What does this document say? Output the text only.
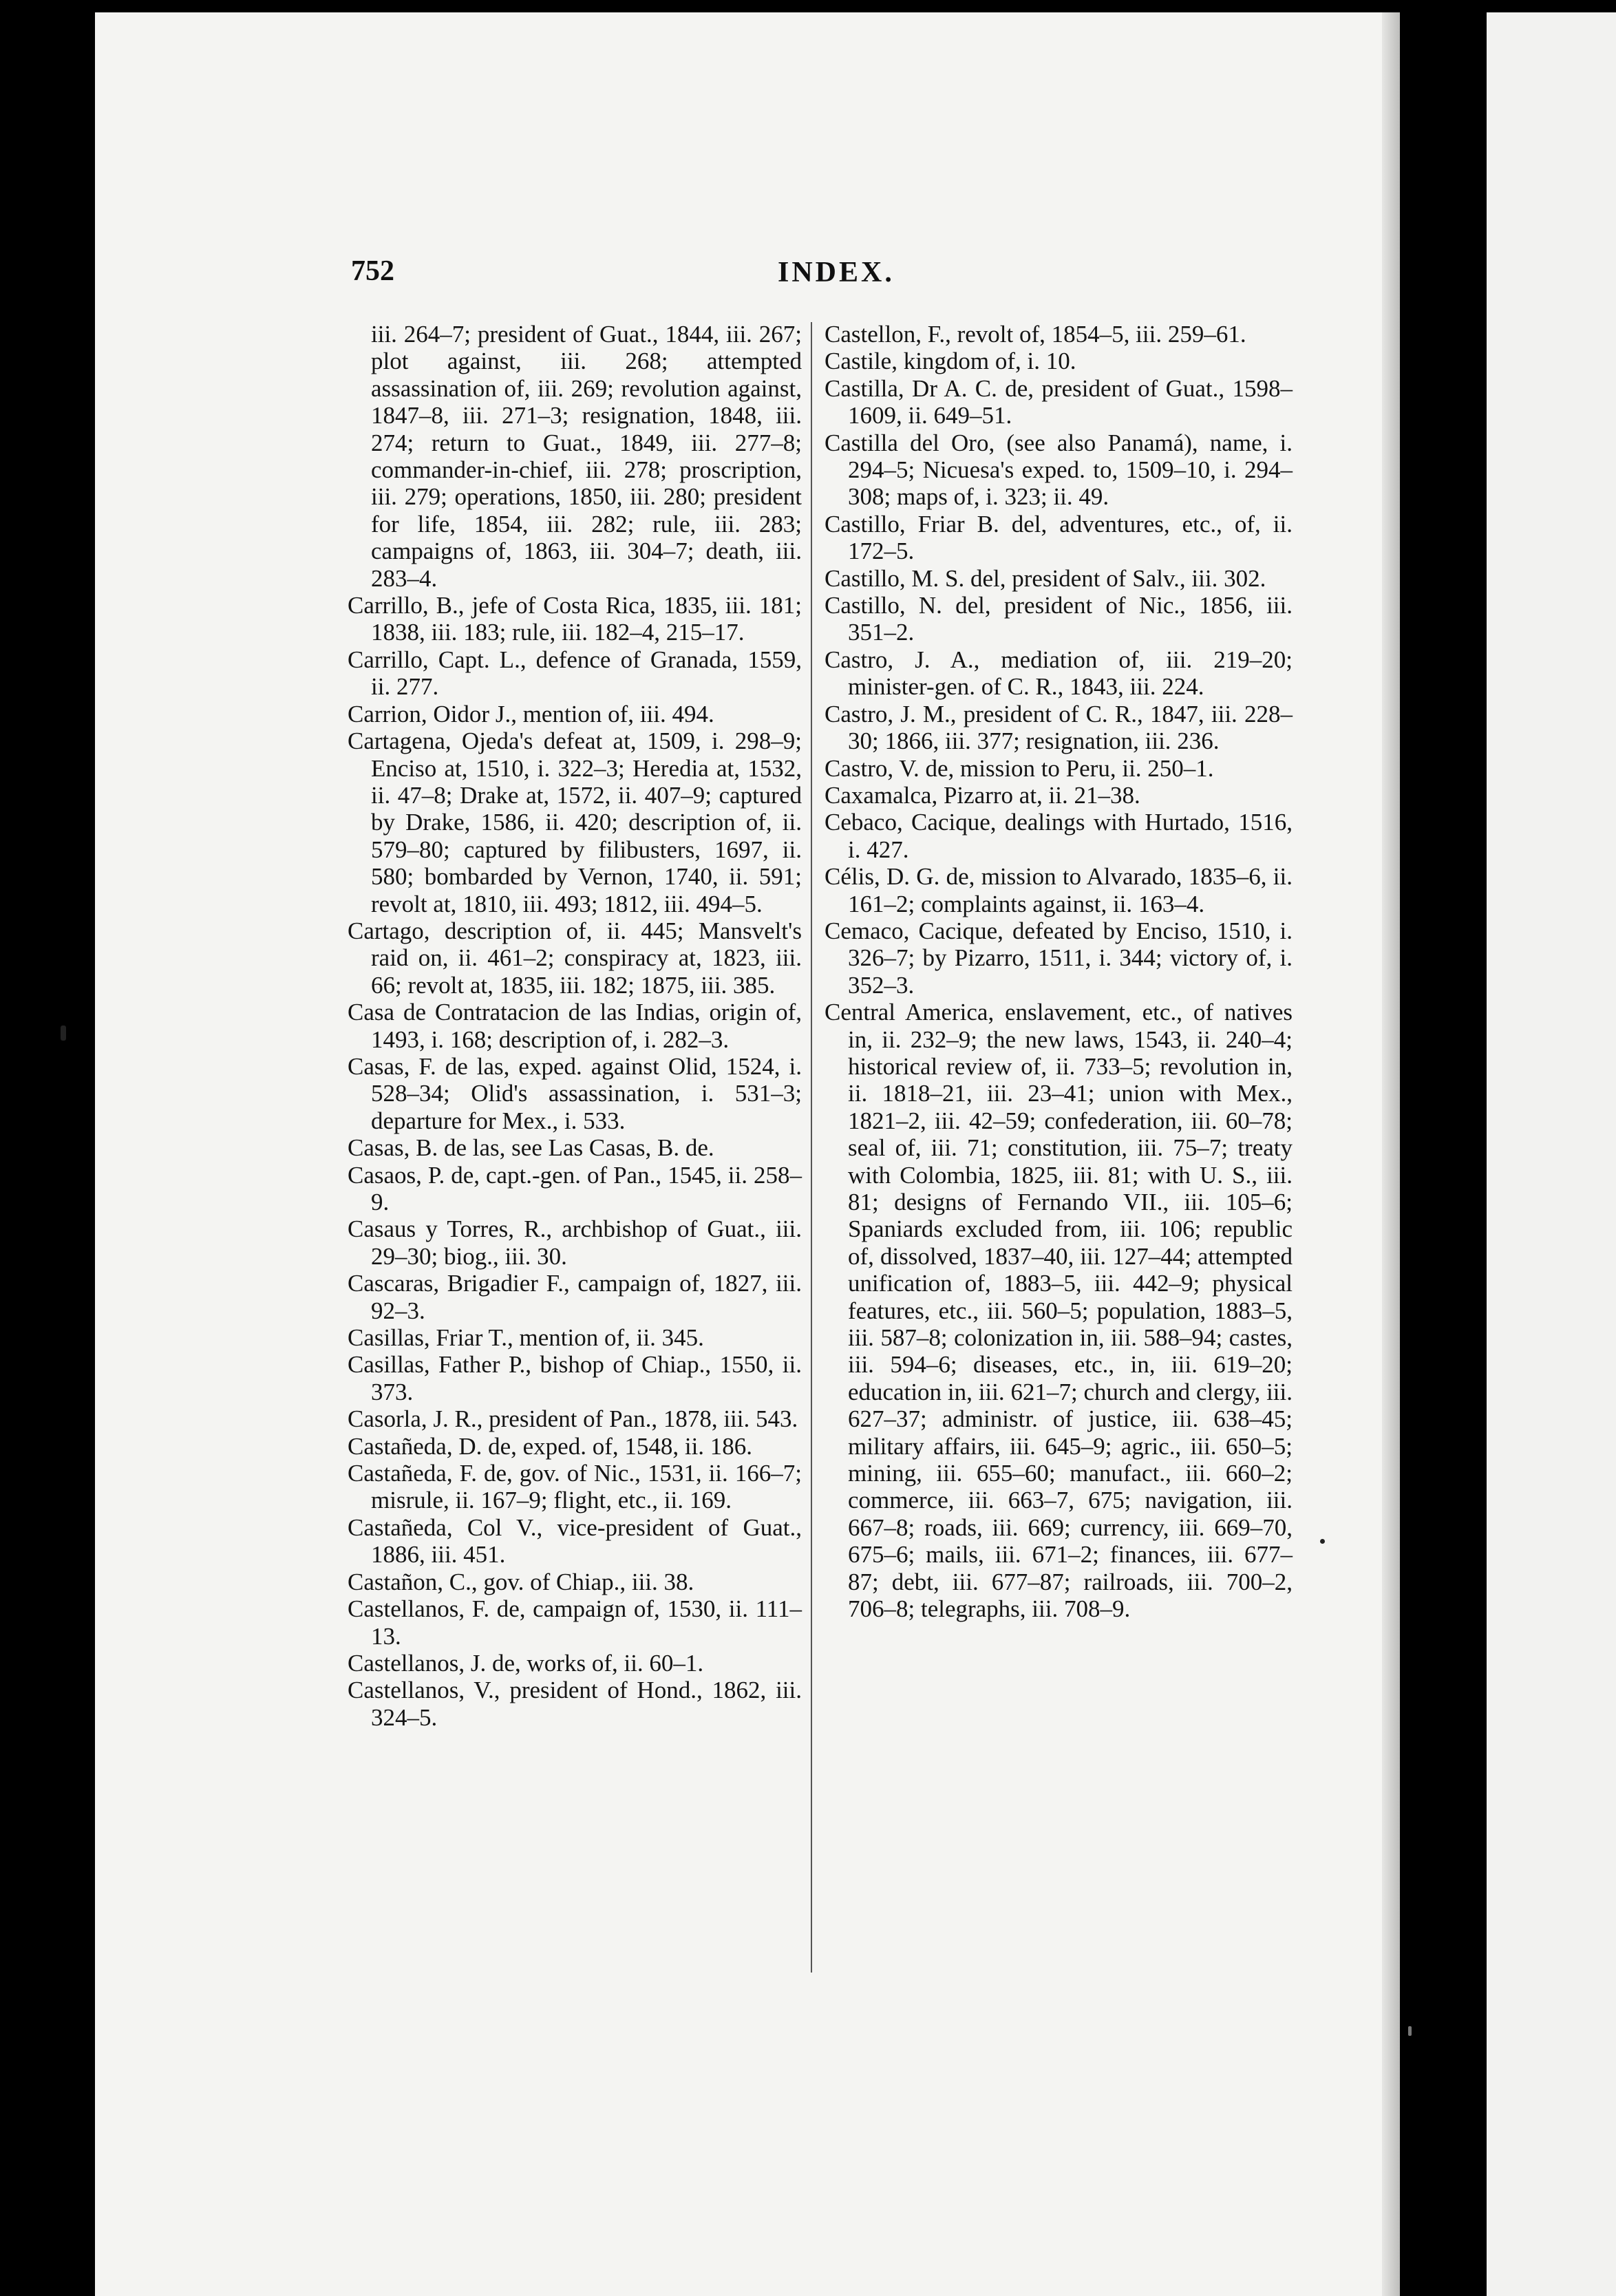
752	INDEX.

iii. 264–7; president of Guat., 1844, iii. 267; plot against, iii. 268; attempted assassination of, iii. 269; revolution against, 1847–8, iii. 271–3; resignation, 1848, iii. 274; return to Guat., 1849, iii. 277–8; commander-in-chief, iii. 278; proscription, iii. 279; operations, 1850, iii. 280; president for life, 1854, iii. 282; rule, iii. 283; campaigns of, 1863, iii. 304–7; death, iii. 283–4.

Carrillo, B., jefe of Costa Rica, 1835, iii. 181; 1838, iii. 183; rule, iii. 182–4, 215–17.

Carrillo, Capt. L., defence of Granada, 1559, ii. 277.

Carrion, Oidor J., mention of, iii. 494.

Cartagena, Ojeda's defeat at, 1509, i. 298–9; Enciso at, 1510, i. 322–3; Heredia at, 1532, ii. 47–8; Drake at, 1572, ii. 407–9; captured by Drake, 1586, ii. 420; description of, ii. 579–80; captured by filibusters, 1697, ii. 580; bombarded by Vernon, 1740, ii. 591; revolt at, 1810, iii. 493; 1812, iii. 494–5.

Cartago, description of, ii. 445; Mansvelt's raid on, ii. 461–2; conspiracy at, 1823, iii. 66; revolt at, 1835, iii. 182; 1875, iii. 385.

Casa de Contratacion de las Indias, origin of, 1493, i. 168; description of, i. 282–3.

Casas, F. de las, exped. against Olid, 1524, i. 528–34; Olid's assassination, i. 531–3; departure for Mex., i. 533.

Casas, B. de las, see Las Casas, B. de.

Casaos, P. de, capt.-gen. of Pan., 1545, ii. 258–9.

Casaus y Torres, R., archbishop of Guat., iii. 29–30; biog., iii. 30.

Cascaras, Brigadier F., campaign of, 1827, iii. 92–3.

Casillas, Friar T., mention of, ii. 345.

Casillas, Father P., bishop of Chiap., 1550, ii. 373.

Casorla, J. R., president of Pan., 1878, iii. 543.

Castañeda, D. de, exped. of, 1548, ii. 186.

Castañeda, F. de, gov. of Nic., 1531, ii. 166–7; misrule, ii. 167–9; flight, etc., ii. 169.

Castañeda, Col V., vice-president of Guat., 1886, iii. 451.

Castañon, C., gov. of Chiap., iii. 38.

Castellanos, F. de, campaign of, 1530, ii. 111–13.

Castellanos, J. de, works of, ii. 60–1.

Castellanos, V., president of Hond., 1862, iii. 324–5.

Castellon, F., revolt of, 1854–5, iii. 259–61.

Castile, kingdom of, i. 10.

Castilla, Dr A. C. de, president of Guat., 1598–1609, ii. 649–51.

Castilla del Oro, (see also Panamá), name, i. 294–5; Nicuesa's exped. to, 1509–10, i. 294–308; maps of, i. 323; ii. 49.

Castillo, Friar B. del, adventures, etc., of, ii. 172–5.

Castillo, M. S. del, president of Salv., iii. 302.

Castillo, N. del, president of Nic., 1856, iii. 351–2.

Castro, J. A., mediation of, iii. 219–20; minister-gen. of C. R., 1843, iii. 224.

Castro, J. M., president of C. R., 1847, iii. 228–30; 1866, iii. 377; resignation, iii. 236.

Castro, V. de, mission to Peru, ii. 250–1.

Caxamalca, Pizarro at, ii. 21–38.

Cebaco, Cacique, dealings with Hurtado, 1516, i. 427.

Célis, D. G. de, mission to Alvarado, 1835–6, ii. 161–2; complaints against, ii. 163–4.

Cemaco, Cacique, defeated by Enciso, 1510, i. 326–7; by Pizarro, 1511, i. 344; victory of, i. 352–3.

Central America, enslavement, etc., of natives in, ii. 232–9; the new laws, 1543, ii. 240–4; historical review of, ii. 733–5; revolution in, ii. 1818–21, iii. 23–41; union with Mex., 1821–2, iii. 42–59; confederation, iii. 60–78; seal of, iii. 71; constitution, iii. 75–7; treaty with Colombia, 1825, iii. 81; with U. S., iii. 81; designs of Fernando VII., iii. 105–6; Spaniards excluded from, iii. 106; republic of, dissolved, 1837–40, iii. 127–44; attempted unification of, 1883–5, iii. 442–9; physical features, etc., iii. 560–5; population, 1883–5, iii. 587–8; colonization in, iii. 588–94; castes, iii. 594–6; diseases, etc., in, iii. 619–20; education in, iii. 621–7; church and clergy, iii. 627–37; administr. of justice, iii. 638–45; military affairs, iii. 645–9; agric., iii. 650–5; mining, iii. 655–60; manufact., iii. 660–2; commerce, iii. 663–7, 675; navigation, iii. 667–8; roads, iii. 669; currency, iii. 669–70, 675–6; mails, iii. 671–2; finances, iii. 677–87; debt, iii. 677–87; railroads, iii. 700–2, 706–8; telegraphs, iii. 708–9.
